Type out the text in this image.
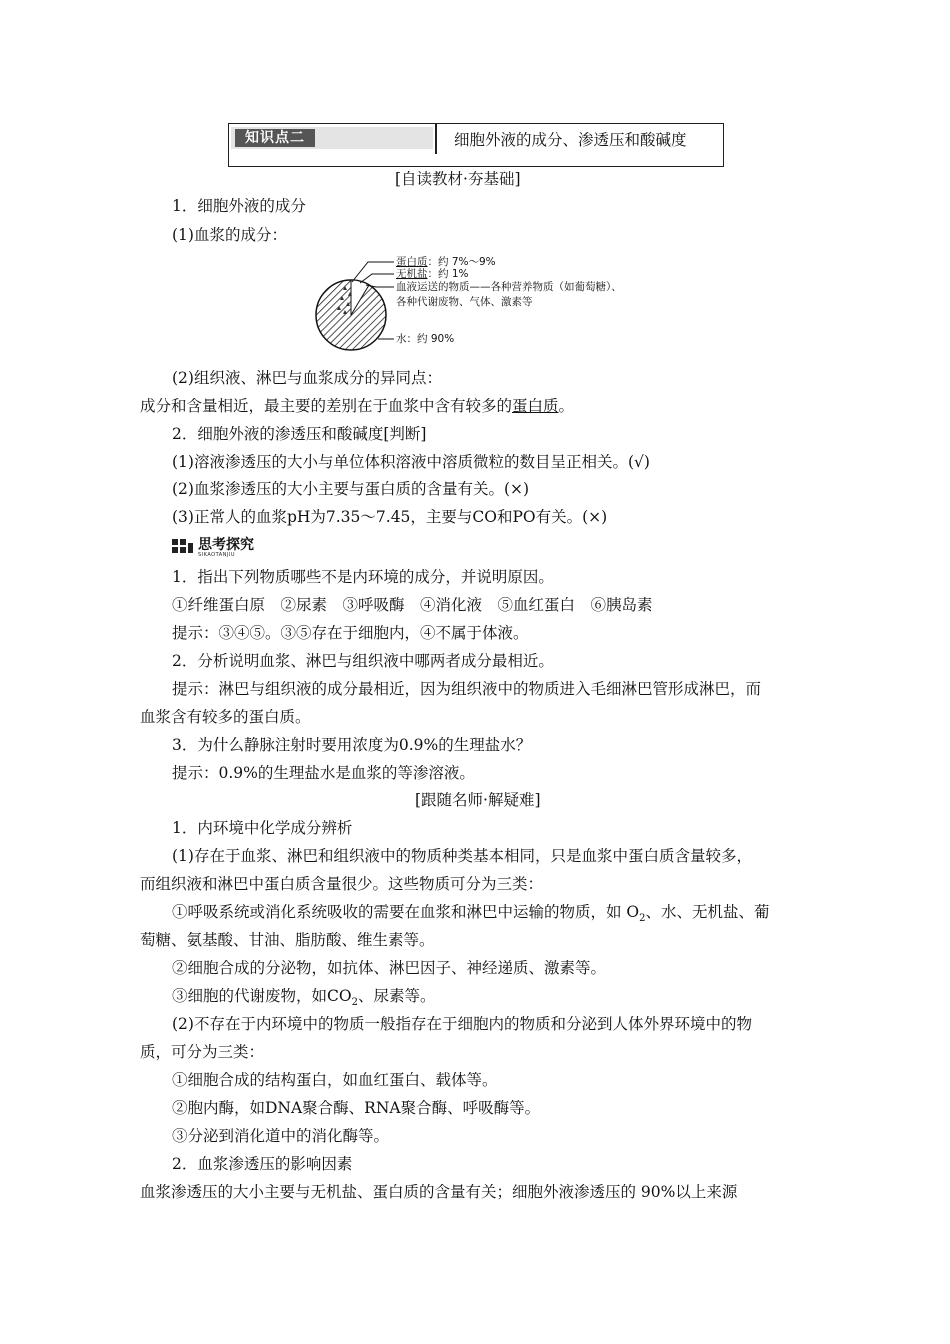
知识点二	细胞外液的成分、渗透压和酸碱度
[自读教材·夯基础]
1．细胞外液的成分
(1)血浆的成分：
蛋白质：约 7%～9%
无机盐：约 1%
血液运送的物质——各种营养物质（如葡萄糖）、
各种代谢废物、气体、激素等
水：约 90%
(2)组织液、淋巴与血浆成分的异同点：
成分和含量相近，最主要的差别在于血浆中含有较多的蛋白质。
2．细胞外液的渗透压和酸碱度[判断]
(1)溶液渗透压的大小与单位体积溶液中溶质微粒的数目呈正相关。(√)
(2)血浆渗透压的大小主要与蛋白质的含量有关。(×)
(3)正常人的血浆pH为7.35～7.45，主要与CO和PO有关。(×)
思考探究
SIKAOTANJIU
1．指出下列物质哪些不是内环境的成分，并说明原因。
①纤维蛋白原　②尿素　③呼吸酶　④消化液　⑤血红蛋白　⑥胰岛素
提示：③④⑤。③⑤存在于细胞内，④不属于体液。
2．分析说明血浆、淋巴与组织液中哪两者成分最相近。
提示：淋巴与组织液的成分最相近，因为组织液中的物质进入毛细淋巴管形成淋巴，而
血浆含有较多的蛋白质。
3．为什么静脉注射时要用浓度为0.9%的生理盐水？
提示：0.9%的生理盐水是血浆的等渗溶液。
[跟随名师·解疑难]
1．内环境中化学成分辨析
(1)存在于血浆、淋巴和组织液中的物质种类基本相同，只是血浆中蛋白质含量较多，
而组织液和淋巴中蛋白质含量很少。这些物质可分为三类：
①呼吸系统或消化系统吸收的需要在血浆和淋巴中运输的物质，如 $O_2$、水、无机盐、葡
萄糖、氨基酸、甘油、脂肪酸、维生素等。
②细胞合成的分泌物，如抗体、淋巴因子、神经递质、激素等。
③细胞的代谢废物，如$CO_2$、尿素等。
(2)不存在于内环境中的物质一般指存在于细胞内的物质和分泌到人体外界环境中的物
质，可分为三类：
①细胞合成的结构蛋白，如血红蛋白、载体等。
②胞内酶，如DNA聚合酶、RNA聚合酶、呼吸酶等。
③分泌到消化道中的消化酶等。
2．血浆渗透压的影响因素
血浆渗透压的大小主要与无机盐、蛋白质的含量有关；细胞外液渗透压的 90%以上来源
